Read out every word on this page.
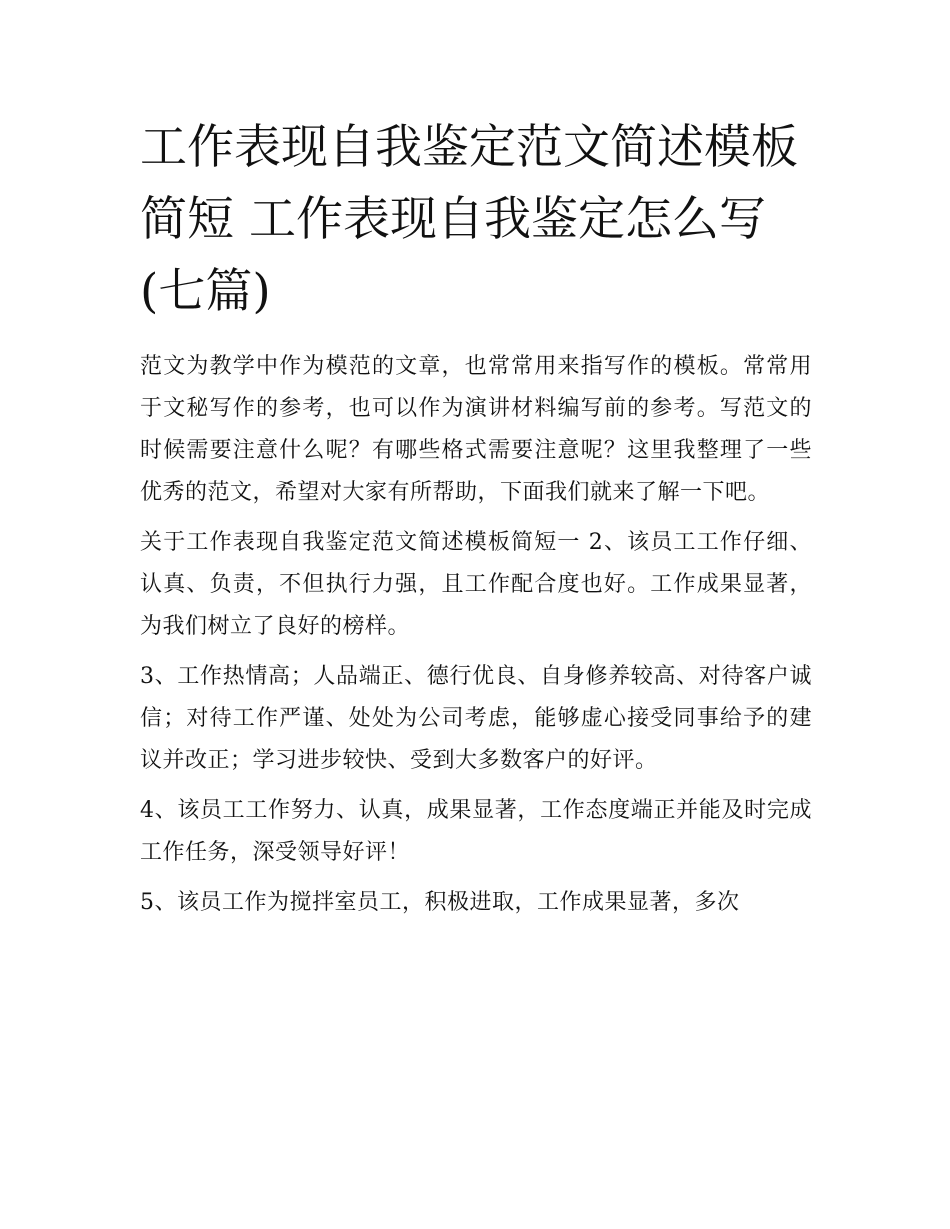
工作表现自我鉴定范文简述模板简短 工作表现自我鉴定怎么写(七篇)

范文为教学中作为模范的文章，也常常用来指写作的模板。常常用于文秘写作的参考，也可以作为演讲材料编写前的参考。写范文的时候需要注意什么呢？有哪些格式需要注意呢？这里我整理了一些优秀的范文，希望对大家有所帮助，下面我们就来了解一下吧。

关于工作表现自我鉴定范文简述模板简短一 2、该员工工作仔细、认真、负责，不但执行力强，且工作配合度也好。工作成果显著，为我们树立了良好的榜样。

3、工作热情高；人品端正、德行优良、自身修养较高、对待客户诚信；对待工作严谨、处处为公司考虑，能够虚心接受同事给予的建议并改正；学习进步较快、受到大多数客户的好评。

4、该员工工作努力、认真，成果显著，工作态度端正并能及时完成工作任务，深受领导好评！

5、该员工作为搅拌室员工，积极进取，工作成果显著，多次
